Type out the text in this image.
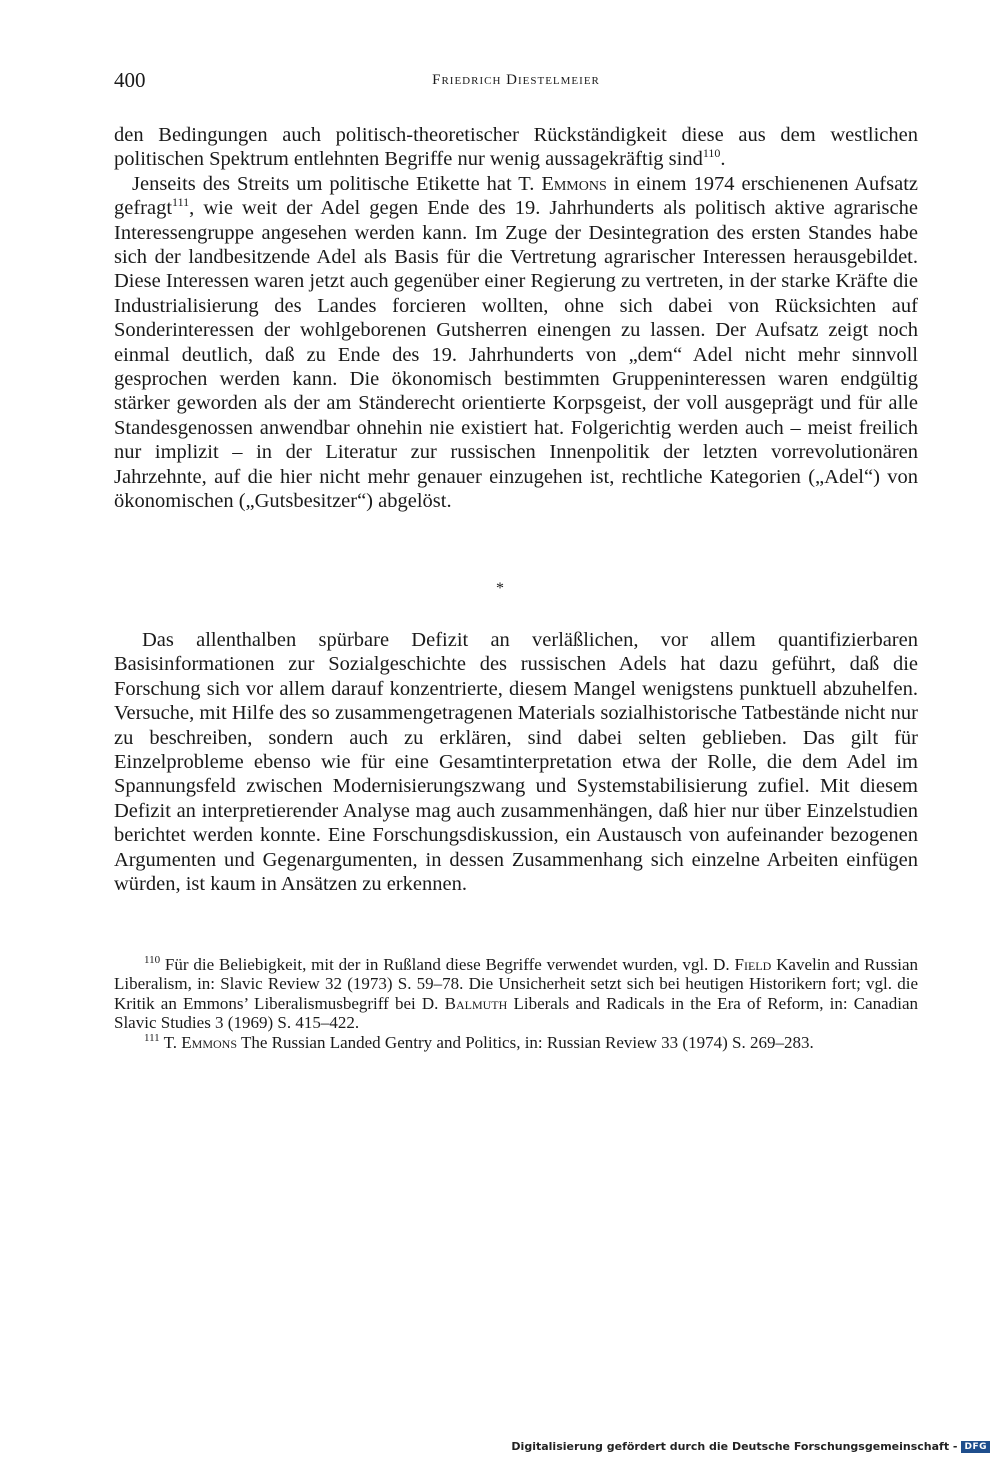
400	Friedrich Diestelmeier

den Bedingungen auch politisch-theoretischer Rückständigkeit diese aus dem westlichen politischen Spektrum entlehnten Begriffe nur wenig aussagekräftig sind$^{110}$.

Jenseits des Streits um politische Etikette hat T. Emmons in einem 1974 erschienenen Aufsatz gefragt$^{111}$, wie weit der Adel gegen Ende des 19. Jahrhunderts als politisch aktive agrarische Interessengruppe angesehen werden kann. Im Zuge der Desintegration des ersten Standes habe sich der landbesitzende Adel als Basis für die Vertretung agrarischer Interessen herausgebildet. Diese Interessen waren jetzt auch gegenüber einer Regierung zu vertreten, in der starke Kräfte die Industrialisierung des Landes forcieren wollten, ohne sich dabei von Rücksichten auf Sonderinteressen der wohlgeborenen Gutsherren einengen zu lassen. Der Aufsatz zeigt noch einmal deutlich, daß zu Ende des 19. Jahrhunderts von „dem“ Adel nicht mehr sinnvoll gesprochen werden kann. Die ökonomisch bestimmten Gruppeninteressen waren endgültig stärker geworden als der am Ständerecht orientierte Korpsgeist, der voll ausgeprägt und für alle Standesgenossen anwendbar ohnehin nie existiert hat. Folgerichtig werden auch – meist freilich nur implizit – in der Literatur zur russischen Innenpolitik der letzten vorrevolutionären Jahrzehnte, auf die hier nicht mehr genauer einzugehen ist, rechtliche Kategorien („Adel“) von ökonomischen („Gutsbesitzer“) abgelöst.

*

Das allenthalben spürbare Defizit an verläßlichen, vor allem quantifizierbaren Basisinformationen zur Sozialgeschichte des russischen Adels hat dazu geführt, daß die Forschung sich vor allem darauf konzentrierte, diesem Mangel wenigstens punktuell abzuhelfen. Versuche, mit Hilfe des so zusammengetragenen Materials sozialhistorische Tatbestände nicht nur zu beschreiben, sondern auch zu erklären, sind dabei selten geblieben. Das gilt für Einzelprobleme ebenso wie für eine Gesamtinterpretation etwa der Rolle, die dem Adel im Spannungsfeld zwischen Modernisierungszwang und Systemstabilisierung zufiel. Mit diesem Defizit an interpretierender Analyse mag auch zusammenhängen, daß hier nur über Einzelstudien berichtet werden konnte. Eine Forschungsdiskussion, ein Austausch von aufeinander bezogenen Argumenten und Gegenargumenten, in dessen Zusammenhang sich einzelne Arbeiten einfügen würden, ist kaum in Ansätzen zu erkennen.

$^{110}$ Für die Beliebigkeit, mit der in Rußland diese Begriffe verwendet wurden, vgl. D. Field Kavelin and Russian Liberalism, in: Slavic Review 32 (1973) S. 59–78. Die Unsicherheit setzt sich bei heutigen Historikern fort; vgl. die Kritik an Emmons’ Liberalismusbegriff bei D. Balmuth Liberals and Radicals in the Era of Reform, in: Canadian Slavic Studies 3 (1969) S. 415–422.

$^{111}$ T. Emmons The Russian Landed Gentry and Politics, in: Russian Review 33 (1974) S. 269–283.

Digitalisierung gefördert durch die Deutsche Forschungsgemeinschaft - DFG
